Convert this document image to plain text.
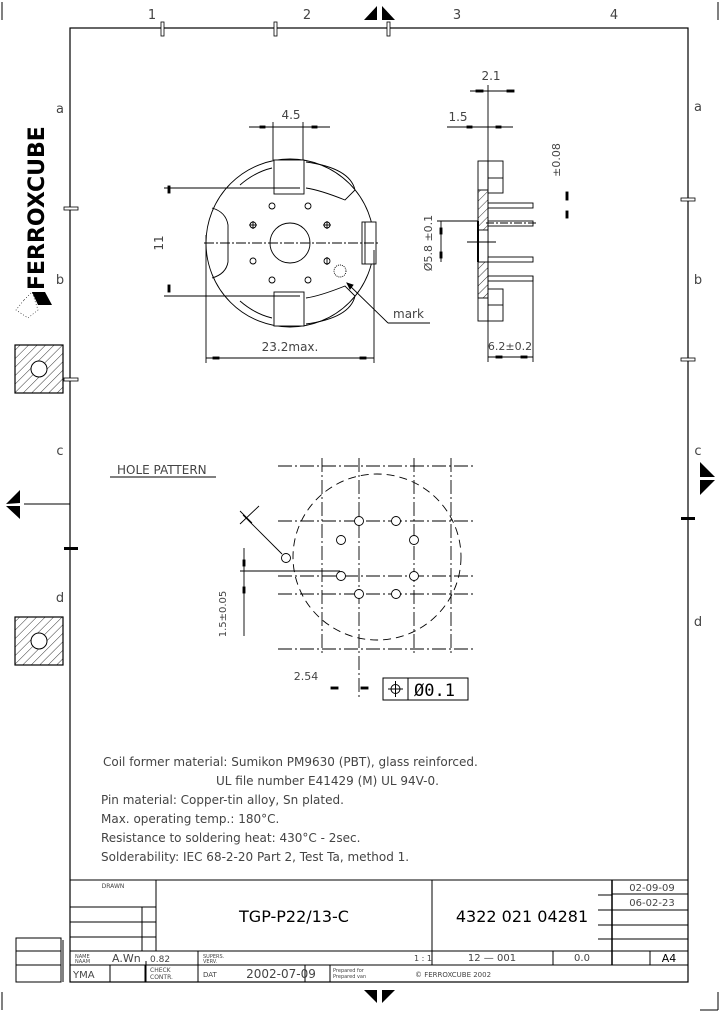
1	2	3	4
a
b
c
d
a
b
c
d
FERROXCUBE
4.5
11
23.2max.
mark
2.1
1.5
±0.08
Ø5.8 ±0.1
6.2±0.2
HOLE PATTERN
1.5±0.05
2.54
Ø0.1
Coil former material: Sumikon PM9630 (PBT), glass reinforced.
UL file number E41429 (M) UL 94V-0.
Pin material: Copper-tin alloy, Sn plated.
Max. operating temp.: 180°C.
Resistance to soldering heat: 430°C - 2sec.
Solderability: IEC 68-2-20 Part 2, Test Ta, method 1.
DRAWN
TGP-P22/13-C	4322 021 04281
02-09-09
06-02-23
NAME
NAAM A.Wn 0.82	SUPERS.
VERV.
YMA	CHECK
CONTR.	DAT 2002-07-09	Prepared for
Prepared van
1 : 1	12 — 001	0.0	A4
© FERROXCUBE 2002
